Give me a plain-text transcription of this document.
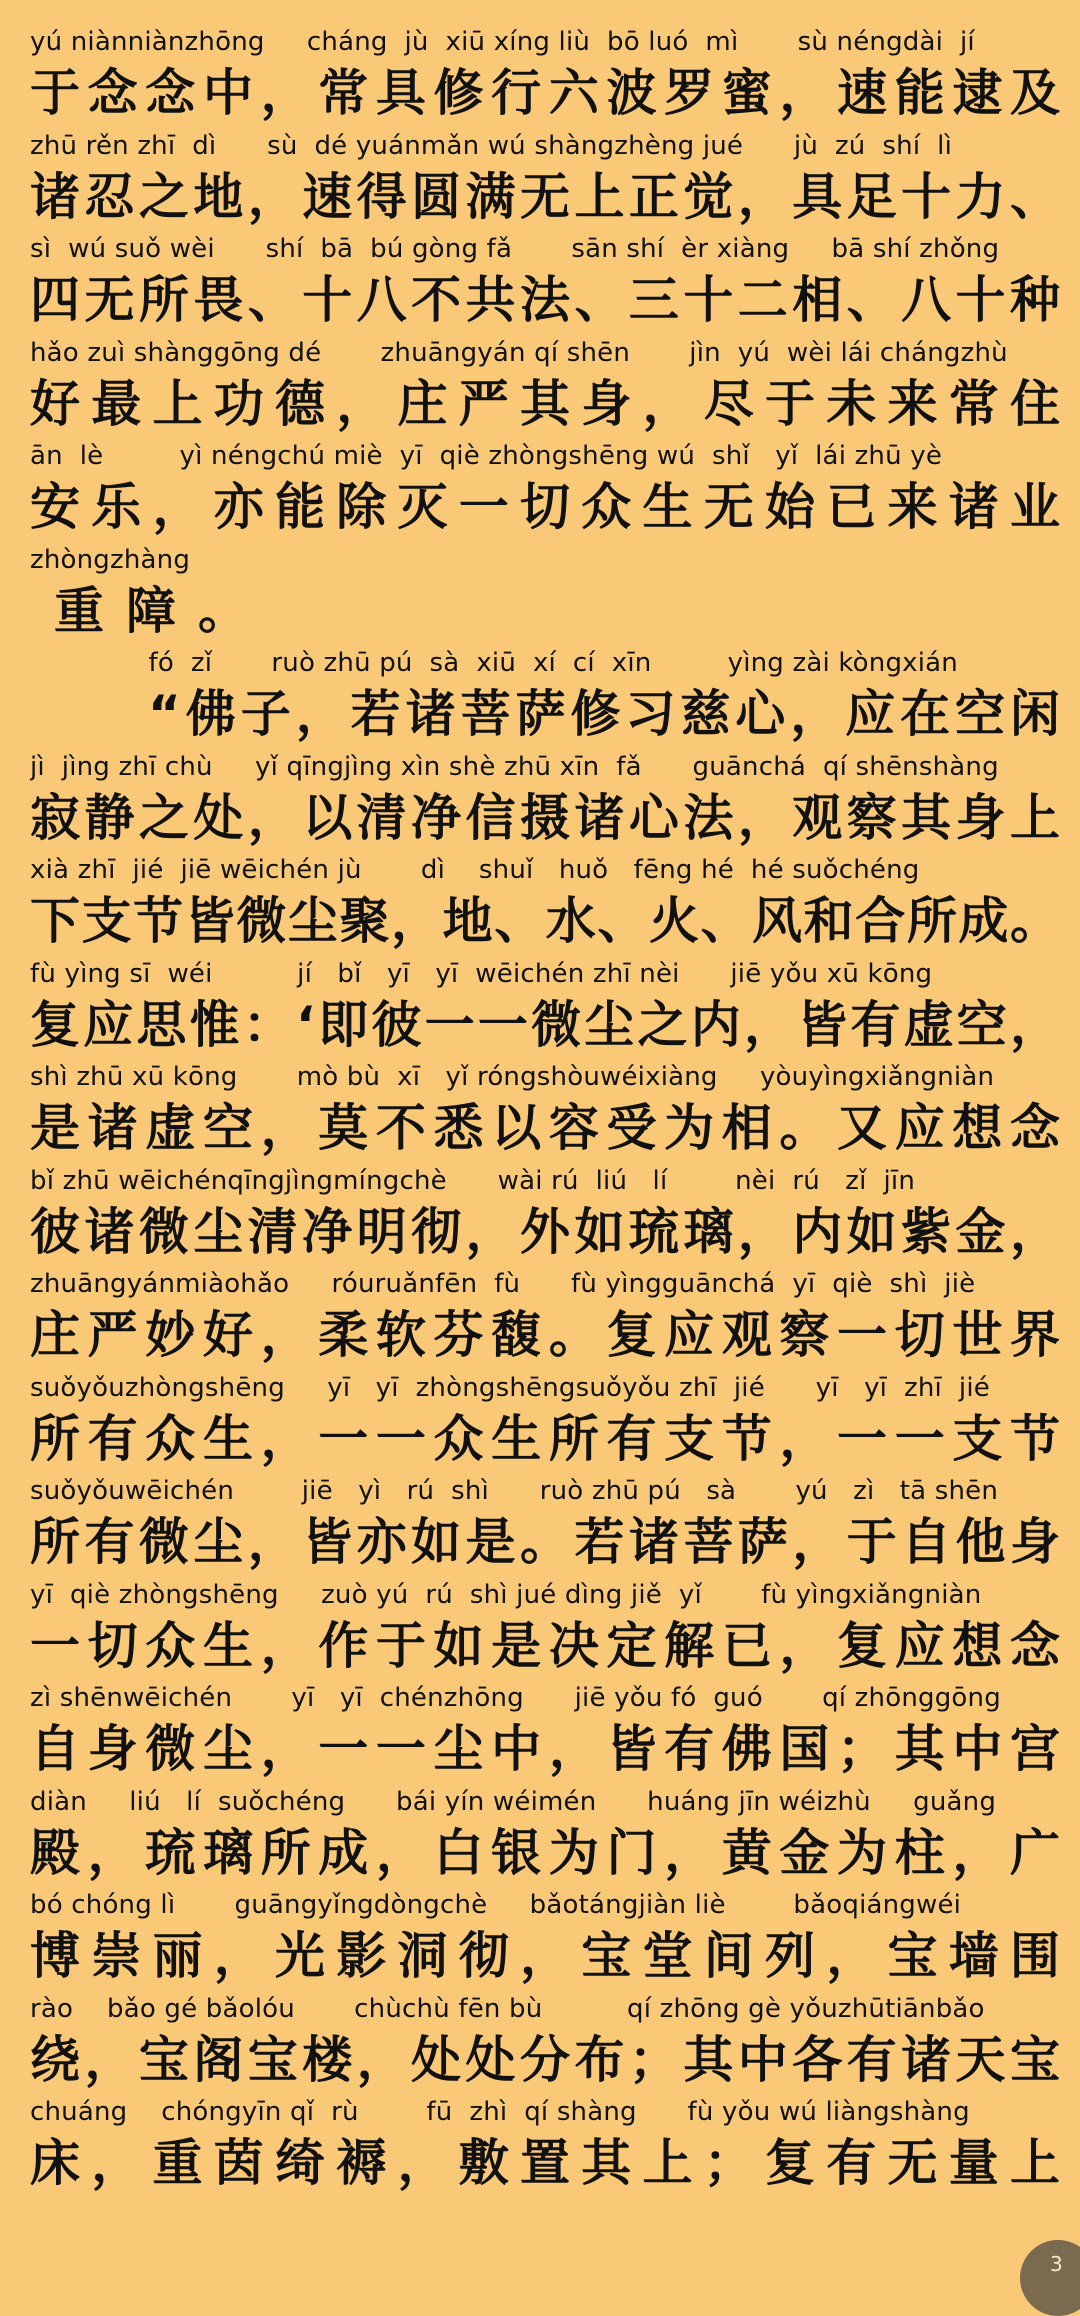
yú niànniànzhōng     cháng  jù  xiū xíng liù  bō luó  mì       sù néngdài  jí
于念念中，常具修行六波罗蜜，速能逮及
zhū rěn zhī  dì      sù  dé yuánmǎn wú shàngzhèng jué      jù  zú  shí  lì
诸忍之地，速得圆满无上正觉，具足十力、
sì  wú suǒ wèi      shí  bā  bú gòng fǎ       sān shí  èr xiàng     bā shí zhǒng
四无所畏、十八不共法、三十二相、八十种
hǎo zuì shànggōng dé       zhuāngyán qí shēn       jìn  yú  wèi lái chángzhù
好最上功德，庄严其身，尽于未来常住
ān  lè         yì néngchú miè  yī  qiè zhòngshēng wú  shǐ   yǐ  lái zhū yè
安乐，亦能除灭一切众生无始已来诸业
zhòngzhàng
重障。
fó  zǐ       ruò zhū pú  sà  xiū  xí  cí  xīn         yìng zài kòngxián
“佛子，若诸菩萨修习慈心，应在空闲
jì  jìng zhī chù     yǐ qīngjìng xìn shè zhū xīn  fǎ      guānchá  qí shēnshàng
寂静之处，以清净信摄诸心法，观察其身上
xià zhī  jié  jiē wēichén jù       dì    shuǐ   huǒ   fēng hé  hé suǒchéng
下支节皆微尘聚，地、水、火、风和合所成。
fù yìng sī  wéi          jí   bǐ   yī   yī  wēichén zhī nèi      jiē yǒu xū kōng
复应思惟：‘即彼一一微尘之内，皆有虚空，
shì zhū xū kōng       mò bù  xī   yǐ róngshòuwéixiàng     yòuyìngxiǎngniàn
是诸虚空，莫不悉以容受为相。又应想念
bǐ zhū wēichénqīngjìngmíngchè      wài rú  liú   lí        nèi  rú   zǐ  jīn
彼诸微尘清净明彻，外如琉璃，内如紫金，
zhuāngyánmiàohǎo     róuruǎnfēn  fù      fù yìngguānchá  yī  qiè  shì  jiè
庄严妙好，柔软芬馥。复应观察一切世界
suǒyǒuzhòngshēng     yī   yī  zhòngshēngsuǒyǒu zhī  jié      yī   yī  zhī  jié
所有众生，一一众生所有支节，一一支节
suǒyǒuwēichén        jiē   yì   rú  shì      ruò zhū pú   sà       yú   zì   tā shēn
所有微尘，皆亦如是。若诸菩萨，于自他身
yī  qiè zhòngshēng     zuò yú  rú  shì jué dìng jiě  yǐ       fù yìngxiǎngniàn
一切众生，作于如是决定解已，复应想念
zì shēnwēichén       yī   yī  chénzhōng      jiē yǒu fó  guó       qí zhōnggōng
自身微尘，一一尘中，皆有佛国；其中宫
diàn     liú   lí  suǒchéng      bái yín wéimén      huáng jīn wéizhù     guǎng
殿，琉璃所成，白银为门，黄金为柱，广
bó chóng lì       guāngyǐngdòngchè     bǎotángjiàn liè        bǎoqiángwéi
博崇丽，光影洞彻，宝堂间列，宝墙围
rào    bǎo gé bǎolóu       chùchù fēn bù          qí zhōng gè yǒuzhūtiānbǎo
绕，宝阁宝楼，处处分布；其中各有诸天宝
chuáng    chóngyīn qǐ  rù        fū  zhì  qí shàng      fù yǒu wú liàngshàng
床，重茵绮褥，敷置其上；复有无量上
3
